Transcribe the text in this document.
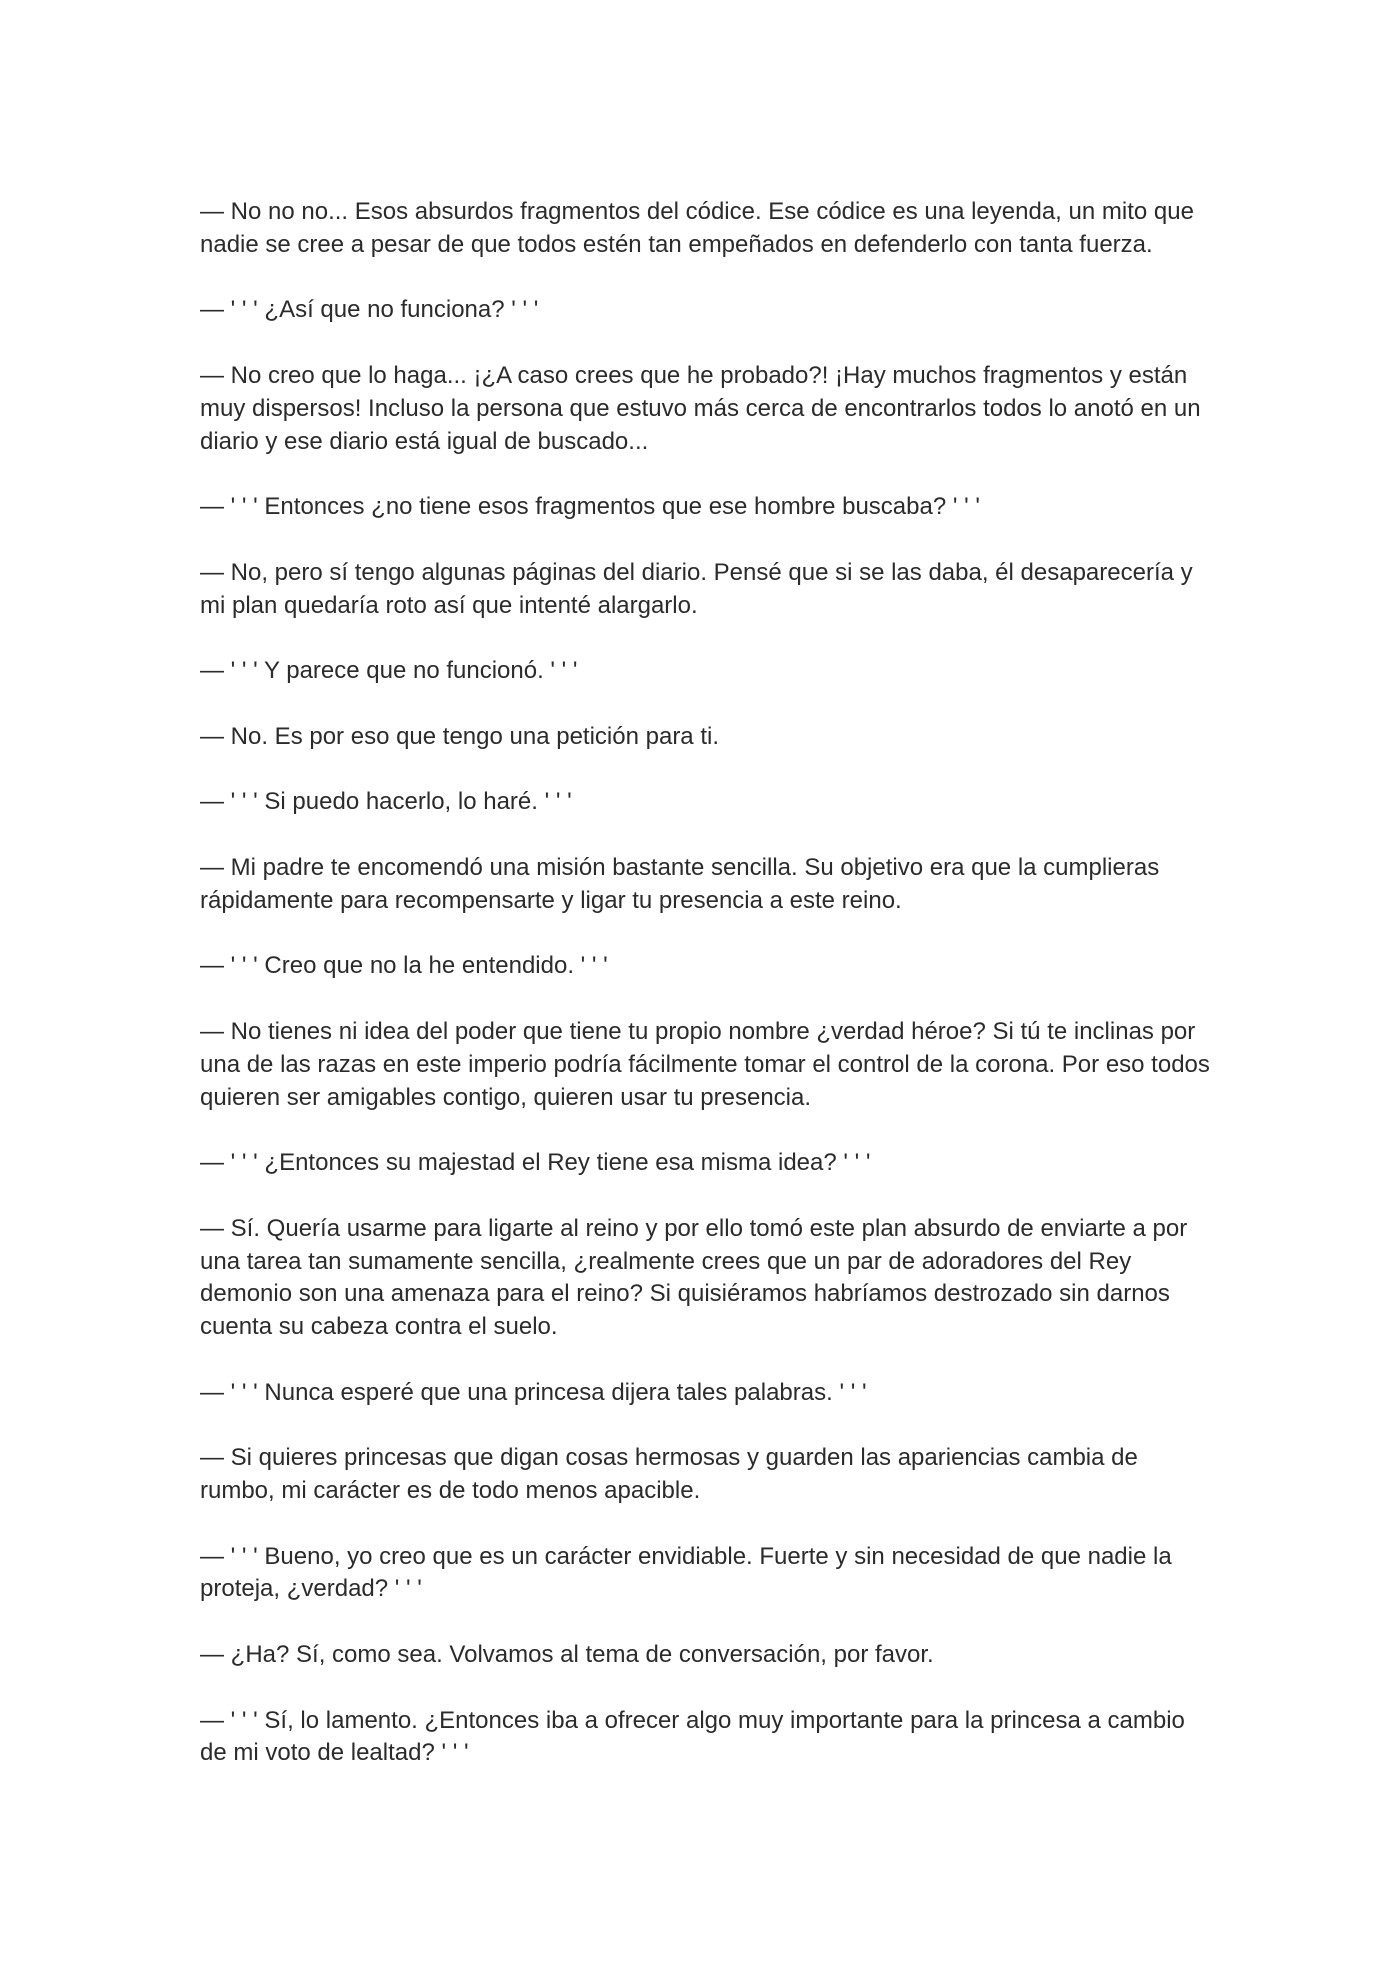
— No no no... Esos absurdos fragmentos del códice. Ese códice es una leyenda, un mito que nadie se cree a pesar de que todos estén tan empeñados en defenderlo con tanta fuerza.

— ' ' ' ¿Así que no funciona? ' ' '

— No creo que lo haga... ¡¿A caso crees que he probado?! ¡Hay muchos fragmentos y están muy dispersos! Incluso la persona que estuvo más cerca de encontrarlos todos lo anotó en un diario y ese diario está igual de buscado...

— ' ' ' Entonces ¿no tiene esos fragmentos que ese hombre buscaba? ' ' '

— No, pero sí tengo algunas páginas del diario. Pensé que si se las daba, él desaparecería y mi plan quedaría roto así que intenté alargarlo.

— ' ' ' Y parece que no funcionó. ' ' '

— No. Es por eso que tengo una petición para ti.

— ' ' ' Si puedo hacerlo, lo haré. ' ' '

— Mi padre te encomendó una misión bastante sencilla. Su objetivo era que la cumplieras rápidamente para recompensarte y ligar tu presencia a este reino.

— ' ' ' Creo que no la he entendido. ' ' '

— No tienes ni idea del poder que tiene tu propio nombre ¿verdad héroe? Si tú te inclinas por una de las razas en este imperio podría fácilmente tomar el control de la corona. Por eso todos quieren ser amigables contigo, quieren usar tu presencia.

— ' ' ' ¿Entonces su majestad el Rey tiene esa misma idea? ' ' '

— Sí. Quería usarme para ligarte al reino y por ello tomó este plan absurdo de enviarte a por una tarea tan sumamente sencilla, ¿realmente crees que un par de adoradores del Rey demonio son una amenaza para el reino? Si quisiéramos habríamos destrozado sin darnos cuenta su cabeza contra el suelo.

— ' ' ' Nunca esperé que una princesa dijera tales palabras. ' ' '

— Si quieres princesas que digan cosas hermosas y guarden las apariencias cambia de rumbo, mi carácter es de todo menos apacible.

— ' ' ' Bueno, yo creo que es un carácter envidiable. Fuerte y sin necesidad de que nadie la proteja, ¿verdad? ' ' '

— ¿Ha? Sí, como sea. Volvamos al tema de conversación, por favor.

— ' ' ' Sí, lo lamento. ¿Entonces iba a ofrecer algo muy importante para la princesa a cambio de mi voto de lealtad? ' ' '
